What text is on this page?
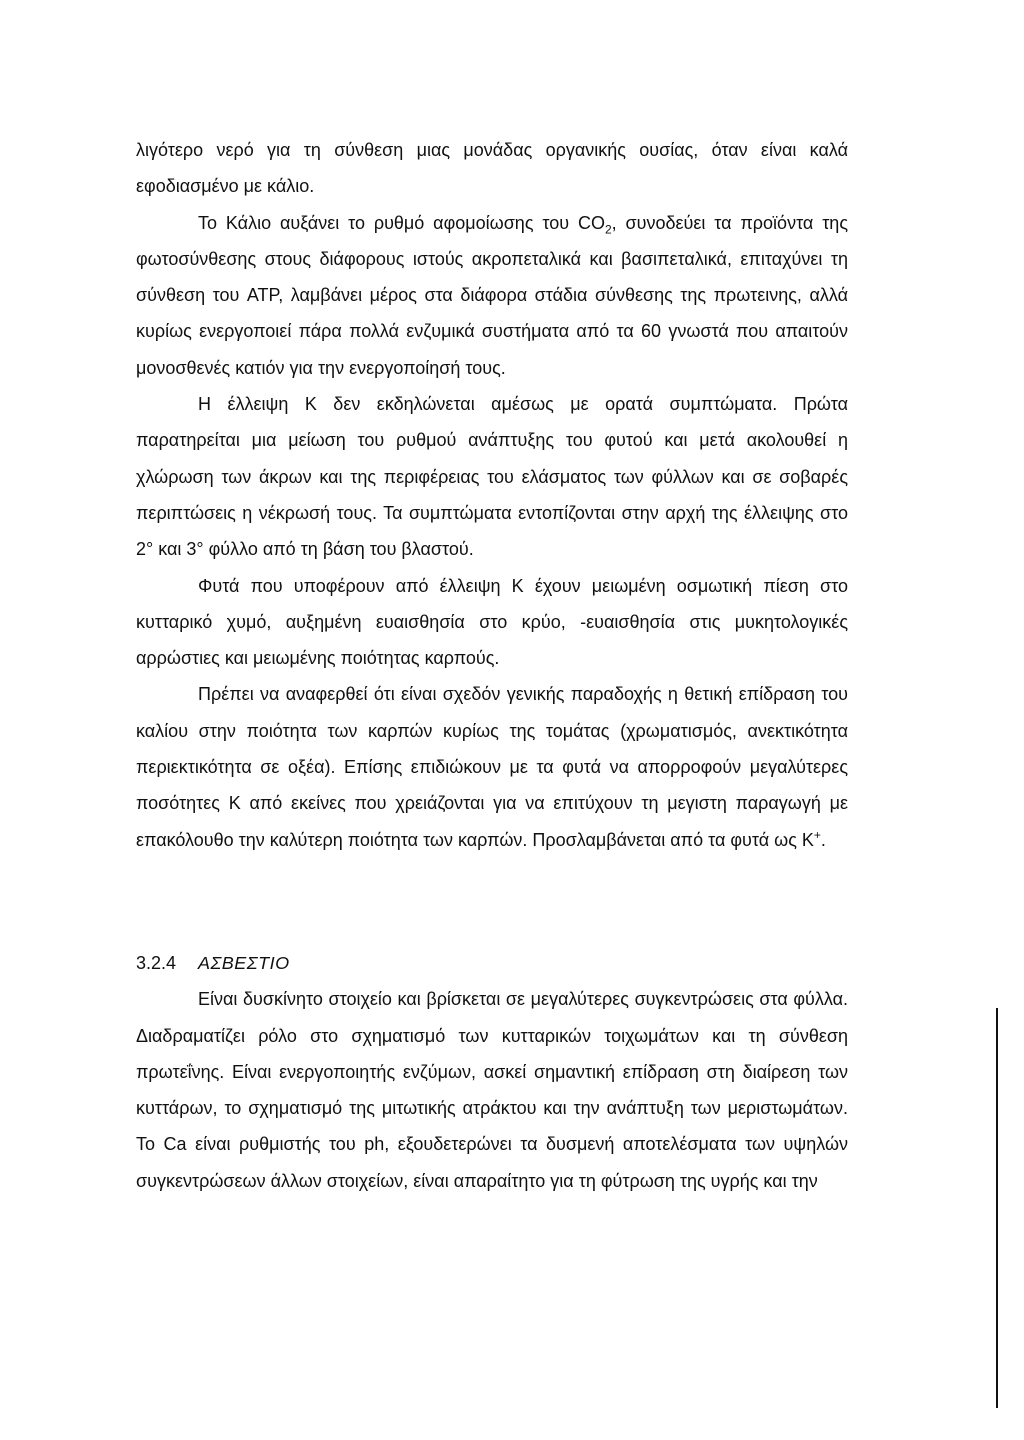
λιγότερο νερό για τη σύνθεση μιας μονάδας οργανικής ουσίας, όταν είναι καλά εφοδιασμένο με κάλιο.

Το Κάλιο αυξάνει το ρυθμό αφομοίωσης του $CO_2$, συνοδεύει τα προϊόντα της φωτοσύνθεσης στους διάφορους ιστούς ακροπεταλικά και βασιπεταλικά, επιταχύνει τη σύνθεση του ATP, λαμβάνει μέρος στα διάφορα στάδια σύνθεσης της πρωτεινης, αλλά κυρίως ενεργοποιεί πάρα πολλά ενζυμικά συστήματα από τα 60 γνωστά που απαιτούν μονοσθενές κατιόν για την ενεργοποίησή τους.

Η έλλειψη Κ δεν εκδηλώνεται αμέσως με ορατά συμπτώματα. Πρώτα παρατηρείται μια μείωση του ρυθμού ανάπτυξης του φυτού και μετά ακολουθεί η χλώρωση των άκρων και της περιφέρειας του ελάσματος των φύλλων και σε σοβαρές περιπτώσεις η νέκρωσή τους. Τα συμπτώματα εντοπίζονται στην αρχή της έλλειψης στο 2° και 3° φύλλο από τη βάση του βλαστού.

Φυτά που υποφέρουν από έλλειψη Κ έχουν μειωμένη οσμωτική πίεση στο κυτταρικό χυμό, αυξημένη ευαισθησία στο κρύο, -ευαισθησία στις μυκητολογικές αρρώστιες και μειωμένης ποιότητας καρπούς.

Πρέπει να αναφερθεί ότι είναι σχεδόν γενικής παραδοχής η θετική επίδραση του καλίου στην ποιότητα των καρπών κυρίως της τομάτας (χρωματισμός, ανεκτικότητα περιεκτικότητα σε οξέα). Επίσης επιδιώκουν με τα φυτά να απορροφούν μεγαλύτερες ποσότητες Κ από εκείνες που χρειάζονται για να επιτύχουν τη μεγιστη παραγωγή με επακόλουθο την καλύτερη ποιότητα των καρπών. Προσλαμβάνεται από τα φυτά ως Κ+.

3.2.4	ΑΣΒΕΣΤΙΟ

Είναι δυσκίνητο στοιχείο και βρίσκεται σε μεγαλύτερες συγκεντρώσεις στα φύλλα. Διαδραματίζει ρόλο στο σχηματισμό των κυτταρικών τοιχωμάτων και τη σύνθεση πρωτεΐνης. Είναι ενεργοποιητής ενζύμων, ασκεί σημαντική επίδραση στη διαίρεση των κυττάρων, το σχηματισμό της μιτωτικής ατράκτου και την ανάπτυξη των μεριστωμάτων. Το Ca είναι ρυθμιστής του ph, εξουδετερώνει τα δυσμενή αποτελέσματα των υψηλών συγκεντρώσεων άλλων στοιχείων, είναι απαραίτητο για τη φύτρωση της υγρής και την
